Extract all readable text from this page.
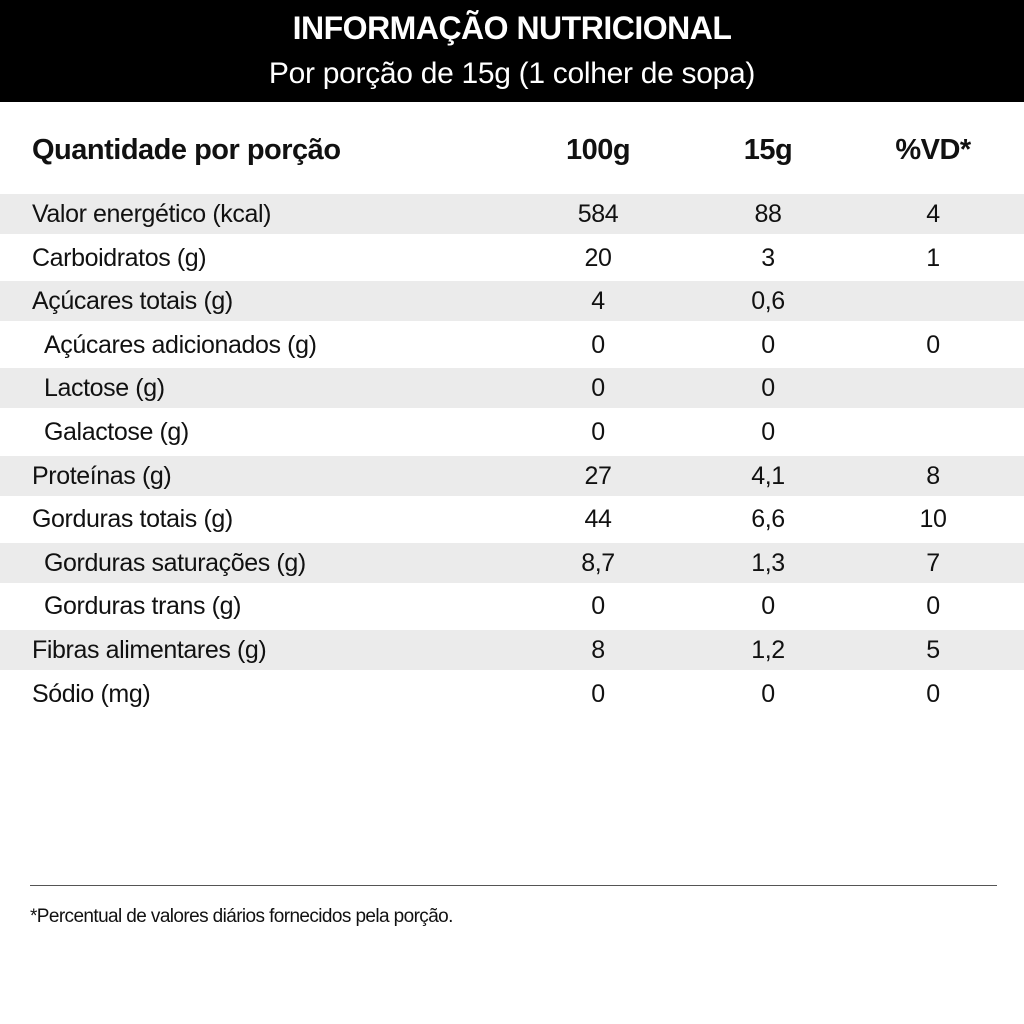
INFORMAÇÃO NUTRICIONAL
Por porção de 15g (1 colher de sopa)
Quantidade por porção	100g	15g	%VD*
Valor energético (kcal)	584	88	4
Carboidratos (g)	20	3	1
Açúcares totais (g)	4	0,6
Açúcares adicionados (g)	0	0	0
Lactose (g)	0	0
Galactose (g)	0	0
Proteínas (g)	27	4,1	8
Gorduras totais (g)	44	6,6	10
Gorduras saturações (g)	8,7	1,3	7
Gorduras trans (g)	0	0	0
Fibras alimentares (g)	8	1,2	5
Sódio (mg)	0	0	0
*Percentual de valores diários fornecidos pela porção.
